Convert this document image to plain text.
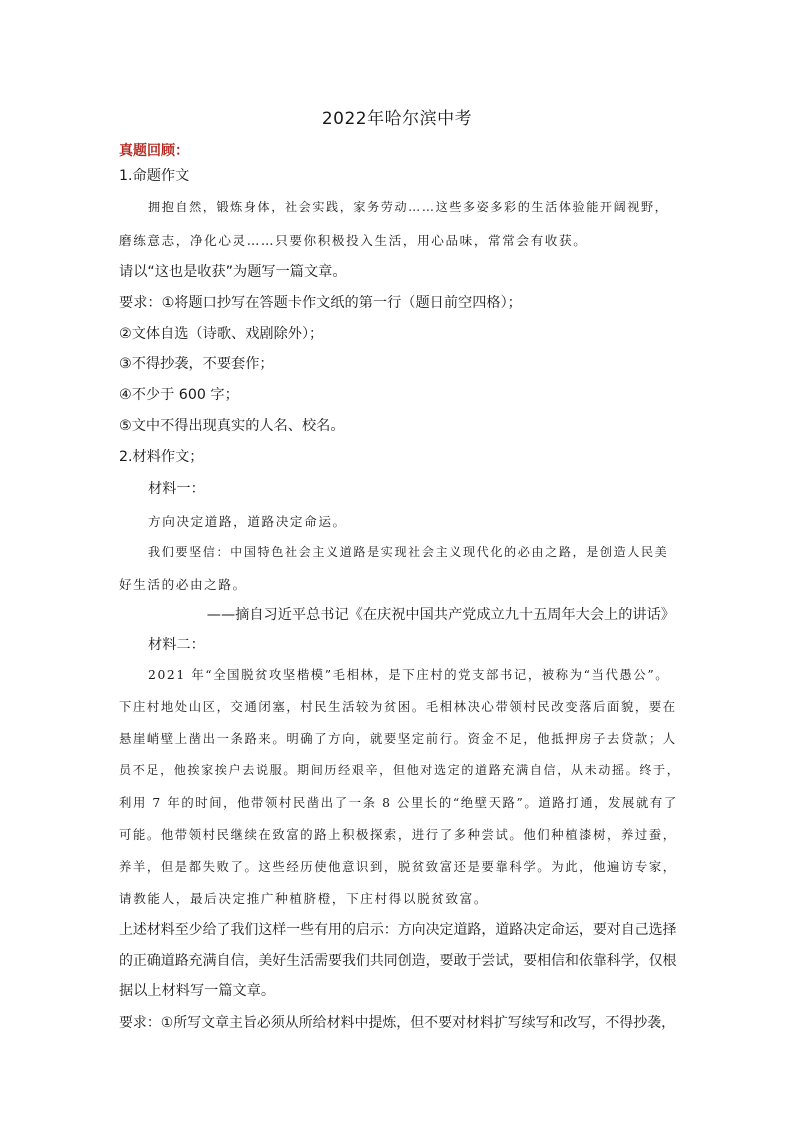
2022年哈尔滨中考
真题回顾：
1.命题作文
拥抱自然，锻炼身体，社会实践，家务劳动……这些多姿多彩的生活体验能开阔视野，
磨练意志，净化心灵……只要你积极投入生活，用心品味，常常会有收获。
请以“这也是收获”为题写一篇文章。
要求：①将题口抄写在答题卡作文纸的第一行（题日前空四格）；
②文体自选（诗歌、戏剧除外）；
③不得抄袭，不要套作；
④不少于 600 字；
⑤文中不得出现真实的人名、校名。
2.材料作文；
材料一：
方向决定道路，道路决定命运。
我们要坚信：中国特色社会主义道路是实现社会主义现代化的必由之路，是创造人民美
好生活的必由之路。
——摘自习近平总书记《在庆祝中国共产党成立九十五周年大会上的讲话》
材料二：
2021 年“全国脱贫攻坚楷模”毛相林，是下庄村的党支部书记，被称为“当代愚公”。
下庄村地处山区，交通闭塞，村民生活较为贫困。毛相林决心带领村民改变落后面貌，要在
悬崖峭壁上凿出一条路来。明确了方向，就要坚定前行。资金不足，他抵押房子去贷款；人
员不足，他挨家挨户去说服。期间历经艰辛，但他对选定的道路充满自信，从未动摇。终于，
利用 7 年的时间，他带领村民凿出了一条 8 公里长的“绝壁天路”。道路打通，发展就有了
可能。他带领村民继续在致富的路上积极探索，进行了多种尝试。他们种植漆树，养过蚕，
养羊，但是都失败了。这些经历使他意识到，脱贫致富还是要靠科学。为此，他遍访专家，
请教能人，最后决定推广种植脐橙，下庄村得以脱贫致富。
上述材料至少给了我们这样一些有用的启示：方向决定道路，道路决定命运，要对自己选择
的正确道路充满自信，美好生活需要我们共同创造，要敢于尝试，要相信和依靠科学，仅根
据以上材料写一篇文章。
要求：①所写文章主旨必须从所给材料中提炼，但不要对材料扩写续写和改写，不得抄袭，
